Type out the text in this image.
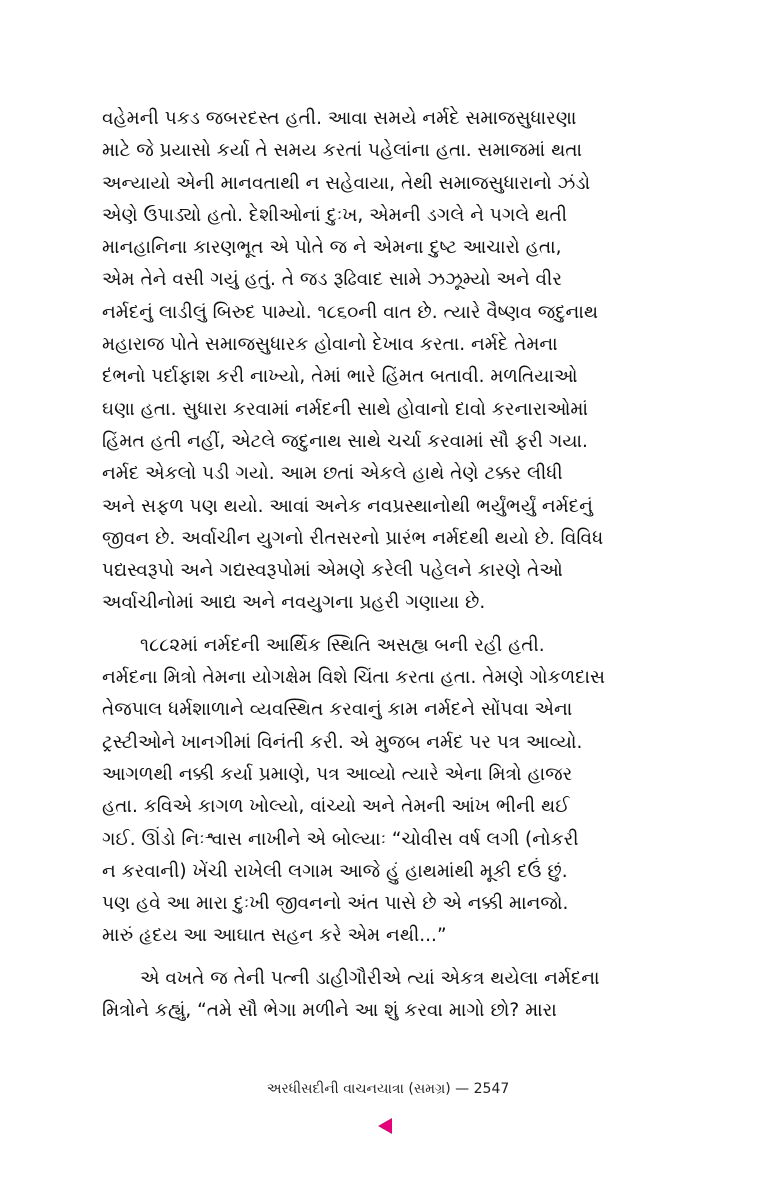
વહેમની પકડ જબરદસ્ત હતી. આવા સમયે નર્મદે સમાજસુધારણા
માટે જે પ્રયાસો કર્યા તે સમય કરતાં પહેલાંના હતા. સમાજમાં થતા
અન્યાયો એની માનવતાથી ન સહેવાયા, તેથી સમાજસુધારાનો ઝંડો
એણે ઉપાડ્યો હતો. દેશીઓનાં દુઃખ, એમની ડગલે ને પગલે થતી
માનહાનિના કારણભૂત એ પોતે જ ને એમના દુષ્ટ આચારો હતા,
એમ તેને વસી ગયું હતું. તે જડ રૂઢિવાદ સામે ઝઝૂમ્યો અને વીર
નર્મદનું લાડીલું બિરુદ પામ્યો. ૧૮૬૦ની વાત છે. ત્યારે વૈષ્ણવ જદુનાથ
મહારાજ પોતે સમાજસુધારક હોવાનો દેખાવ કરતા. નર્મદે તેમના
દંભનો પર્દાફાશ કરી નાખ્યો, તેમાં ભારે હિંમત બતાવી. મળતિયાઓ
ઘણા હતા. સુધારા કરવામાં નર્મદની સાથે હોવાનો દાવો કરનારાઓમાં
હિંમત હતી નહીં, એટલે જદુનાથ સાથે ચર્ચા કરવામાં સૌ ફરી ગયા.
નર્મદ એકલો પડી ગયો. આમ છતાં એકલે હાથે તેણે ટક્કર લીધી
અને સફળ પણ થયો. આવાં અનેક નવપ્રસ્થાનોથી ભર્યુંભર્યું નર્મદનું
જીવન છે. અર્વાચીન યુગનો રીતસરનો પ્રારંભ નર્મદથી થયો છે. વિવિધ
પદ્યસ્વરૂપો અને ગદ્યસ્વરૂપોમાં એમણે કરેલી પહેલને કારણે તેઓ
અર્વાચીનોમાં આદ્ય અને નવયુગના પ્રહરી ગણાયા છે.
૧૮૮૨માં નર્મદની આર્થિક સ્થિતિ અસહ્ય બની રહી હતી.
નર્મદના મિત્રો તેમના યોગક્ષેમ વિશે ચિંતા કરતા હતા. તેમણે ગોકળદાસ
તેજપાલ ધર્મશાળાને વ્યવસ્થિત કરવાનું કામ નર્મદને સોંપવા એના
ટ્રસ્ટીઓને ખાનગીમાં વિનંતી કરી. એ મુજબ નર્મદ પર પત્ર આવ્યો.
આગળથી નક્કી કર્યા પ્રમાણે, પત્ર આવ્યો ત્યારે એના મિત્રો હાજર
હતા. કવિએ કાગળ ખોલ્યો, વાંચ્યો અને તેમની આંખ ભીની થઈ
ગઈ. ઊંડો નિઃશ્વાસ નાખીને એ બોલ્યાઃ “ચોવીસ વર્ષ લગી (નોકરી
ન કરવાની) ખેંચી રાખેલી લગામ આજે હું હાથમાંથી મૂકી દઉં છું.
પણ હવે આ મારા દુઃખી જીવનનો અંત પાસે છે એ નક્કી માનજો.
મારું હૃદય આ આઘાત સહન કરે એમ નથી...”
એ વખતે જ તેની પત્ની ડાહીગૌરીએ ત્યાં એકત્ર થયેલા નર્મદના
મિત્રોને કહ્યું, “તમે સૌ ભેગા મળીને આ શું કરવા માગો છો? મારા
અરધીસદીની વાચનયાત્રા (સમગ્ર) — 2547
